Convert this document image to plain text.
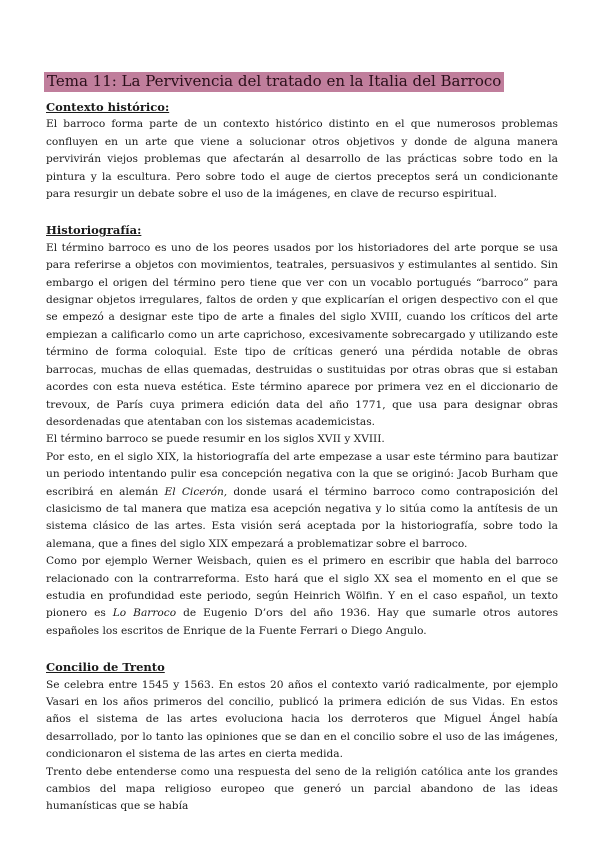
Tema 11: La Pervivencia del tratado en la Italia del Barroco
Contexto histórico:

El barroco forma parte de un contexto histórico distinto en el que numerosos problemas confluyen en un arte que viene a solucionar otros objetivos y donde de alguna manera pervivirán viejos problemas que afectarán al desarrollo de las prácticas sobre todo en la pintura y la escultura. Pero sobre todo el auge de ciertos preceptos será un condicionante para resurgir un debate sobre el uso de la imágenes, en clave de recurso espiritual.

Historiografía:

El término barroco es uno de los peores usados por los historiadores del arte porque se usa para referirse a objetos con movimientos, teatrales, persuasivos y estimulantes al sentido. Sin embargo el origen del término pero tiene que ver con un vocablo portugués “barroco” para designar objetos irregulares, faltos de orden y que explicarían el origen despectivo con el que se empezó a designar este tipo de arte a finales del siglo XVIII, cuando los críticos del arte empiezan a calificarlo como un arte caprichoso, excesivamente sobrecargado y utilizando este término de forma coloquial. Este tipo de críticas generó una pérdida notable de obras barrocas, muchas de ellas quemadas, destruidas o sustituidas por otras obras que si estaban acordes con esta nueva estética. Este término aparece por primera vez en el diccionario de trevoux, de París cuya primera edición data del año 1771, que usa para designar obras desordenadas que atentaban con los sistemas academicistas.

El término barroco se puede resumir en los siglos XVII y XVIII.

Por esto, en el siglo XIX, la historiografía del arte empezase a usar este término para bautizar un periodo intentando pulir esa concepción negativa con la que se originó: Jacob Burham que escribirá en alemán El Cicerón, donde usará el término barroco como contraposición del clasicismo de tal manera que matiza esa acepción negativa y lo sitúa como la antítesis de un sistema clásico de las artes. Esta visión será aceptada por la historiografía, sobre todo la alemana, que a fines del siglo XIX empezará a problematizar sobre el barroco.

Como por ejemplo Werner Weisbach, quien es el primero en escribir que habla del barroco relacionado con la contrarreforma. Esto hará que el siglo XX sea el momento en el que se estudia en profundidad este periodo, según Heinrich Wölfin. Y en el caso español, un texto pionero es Lo Barroco de Eugenio D’ors del año 1936. Hay que sumarle otros autores españoles los escritos de Enrique de la Fuente Ferrari o Diego Angulo.

Concilio de Trento

Se celebra entre 1545 y 1563. En estos 20 años el contexto varió radicalmente, por ejemplo Vasari en los años primeros del concilio, publicó la primera edición de sus Vidas. En estos años el sistema de las artes evoluciona hacia los derroteros que Miguel Ángel había desarrollado, por lo tanto las opiniones que se dan en el concilio sobre el uso de las imágenes, condicionaron el sistema de las artes en cierta medida.

Trento debe entenderse como una respuesta del seno de la religión católica ante los grandes cambios del mapa religioso europeo que generó un parcial abandono de las ideas humanísticas que se había
